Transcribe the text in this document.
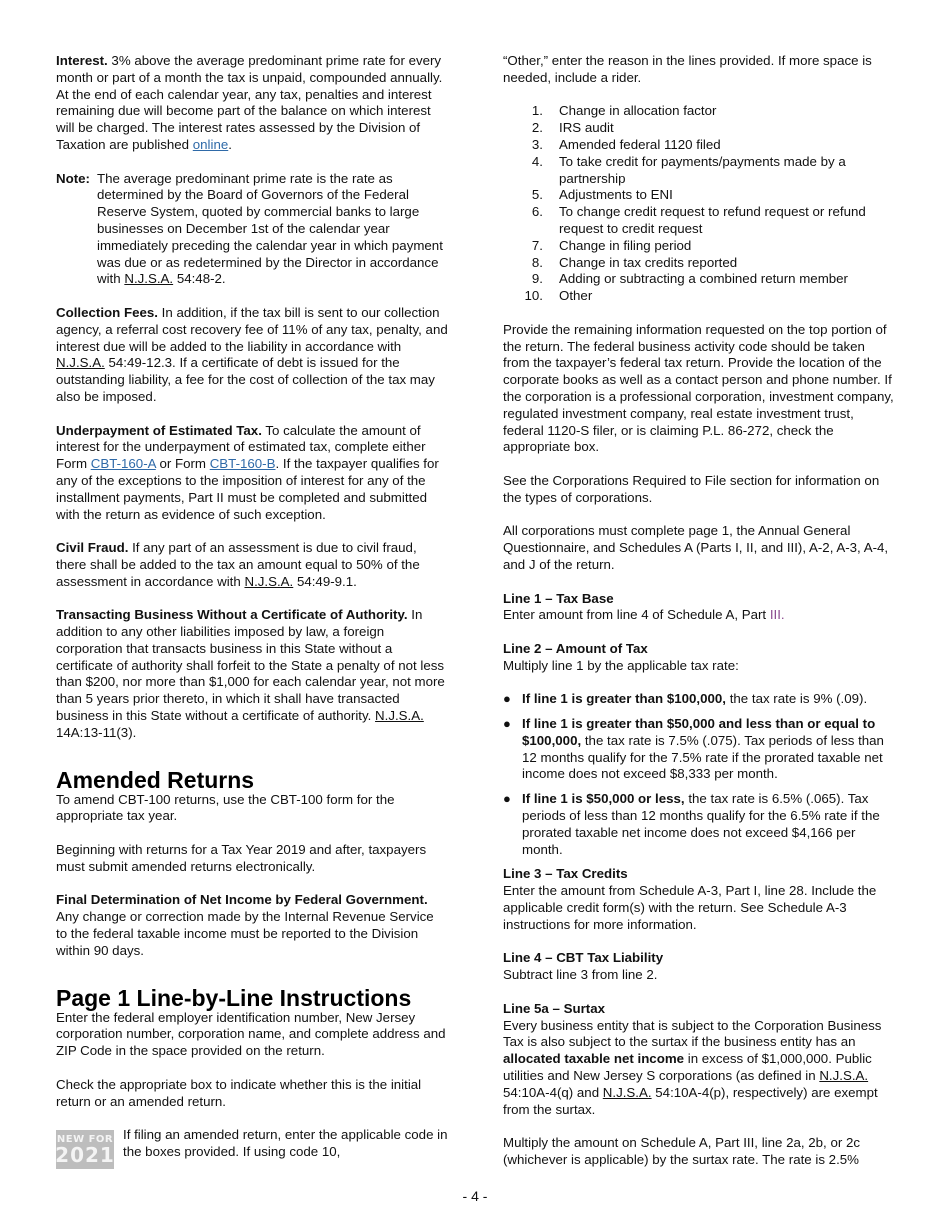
Interest. 3% above the average predominant prime rate for every month or part of a month the tax is unpaid, compounded annually. At the end of each calendar year, any tax, penalties and interest remaining due will become part of the balance on which interest will be charged. The interest rates assessed by the Division of Taxation are published online.

Note: The average predominant prime rate is the rate as determined by the Board of Governors of the Federal Reserve System, quoted by commercial banks to large businesses on December 1st of the calendar year immediately preceding the calendar year in which payment was due or as redetermined by the Director in accordance with N.J.S.A. 54:48-2.

Collection Fees. In addition, if the tax bill is sent to our collection agency, a referral cost recovery fee of 11% of any tax, penalty, and interest due will be added to the liability in accordance with N.J.S.A. 54:49-12.3. If a certificate of debt is issued for the outstanding liability, a fee for the cost of collection of the tax may also be imposed.

Underpayment of Estimated Tax. To calculate the amount of interest for the underpayment of estimated tax, complete either Form CBT-160-A or Form CBT-160-B. If the taxpayer qualifies for any of the exceptions to the imposition of interest for any of the installment payments, Part II must be completed and submitted with the return as evidence of such exception.

Civil Fraud. If any part of an assessment is due to civil fraud, there shall be added to the tax an amount equal to 50% of the assessment in accordance with N.J.S.A. 54:49-9.1.

Transacting Business Without a Certificate of Authority. In addition to any other liabilities imposed by law, a foreign corporation that transacts business in this State without a certificate of authority shall forfeit to the State a penalty of not less than $200, nor more than $1,000 for each calendar year, not more than 5 years prior thereto, in which it shall have transacted business in this State without a certificate of authority. N.J.S.A. 14A:13-11(3).

Amended Returns

To amend CBT-100 returns, use the CBT-100 form for the appropriate tax year.

Beginning with returns for a Tax Year 2019 and after, taxpayers must submit amended returns electronically.

Final Determination of Net Income by Federal Government. Any change or correction made by the Internal Revenue Service to the federal taxable income must be reported to the Division within 90 days.

Page 1 Line-by-Line Instructions

Enter the federal employer identification number, New Jersey corporation number, corporation name, and complete address and ZIP Code in the space provided on the return.

Check the appropriate box to indicate whether this is the initial return or an amended return.

NEW FOR
2021
If filing an amended return, enter the applicable code in the boxes provided. If using code 10,

“Other,” enter the reason in the lines provided. If more space is needed, include a rider.

1.	Change in allocation factor
2.	IRS audit
3.	Amended federal 1120 filed
4.	To take credit for payments/payments made by a partnership
5.	Adjustments to ENI
6.	To change credit request to refund request or refund request to credit request
7.	Change in filing period
8.	Change in tax credits reported
9.	Adding or subtracting a combined return member
10.	Other

Provide the remaining information requested on the top portion of the return. The federal business activity code should be taken from the taxpayer’s federal tax return. Provide the location of the corporate books as well as a contact person and phone number. If the corporation is a professional corporation, investment company, regulated investment company, real estate investment trust, federal 1120-S filer, or is claiming P.L. 86-272, check the appropriate box.

See the Corporations Required to File section for information on the types of corporations.

All corporations must complete page 1, the Annual General Questionnaire, and Schedules A (Parts I, II, and III), A-2, A-3, A-4, and J of the return.

Line 1 – Tax Base

Enter amount from line 4 of Schedule A, Part III.

Line 2 – Amount of Tax

Multiply line 1 by the applicable tax rate:

● If line 1 is greater than $100,000, the tax rate is 9% (.09).
● If line 1 is greater than $50,000 and less than or equal to $100,000, the tax rate is 7.5% (.075). Tax periods of less than 12 months qualify for the 7.5% rate if the prorated taxable net income does not exceed $8,333 per month.
● If line 1 is $50,000 or less, the tax rate is 6.5% (.065). Tax periods of less than 12 months qualify for the 6.5% rate if the prorated taxable net income does not exceed $4,166 per month.
Line 3 – Tax Credits

Enter the amount from Schedule A-3, Part I, line 28. Include the applicable credit form(s) with the return. See Schedule A-3 instructions for more information.

Line 4 – CBT Tax Liability

Subtract line 3 from line 2.

Line 5a – Surtax

Every business entity that is subject to the Corporation Business Tax is also subject to the surtax if the business entity has an allocated taxable net income in excess of $1,000,000. Public utilities and New Jersey S corporations (as defined in N.J.S.A. 54:10A-4(q) and N.J.S.A. 54:10A-4(p), respectively) are exempt from the surtax.

Multiply the amount on Schedule A, Part III, line 2a, 2b, or 2c (whichever is applicable) by the surtax rate. The rate is 2.5%

- 4 -
